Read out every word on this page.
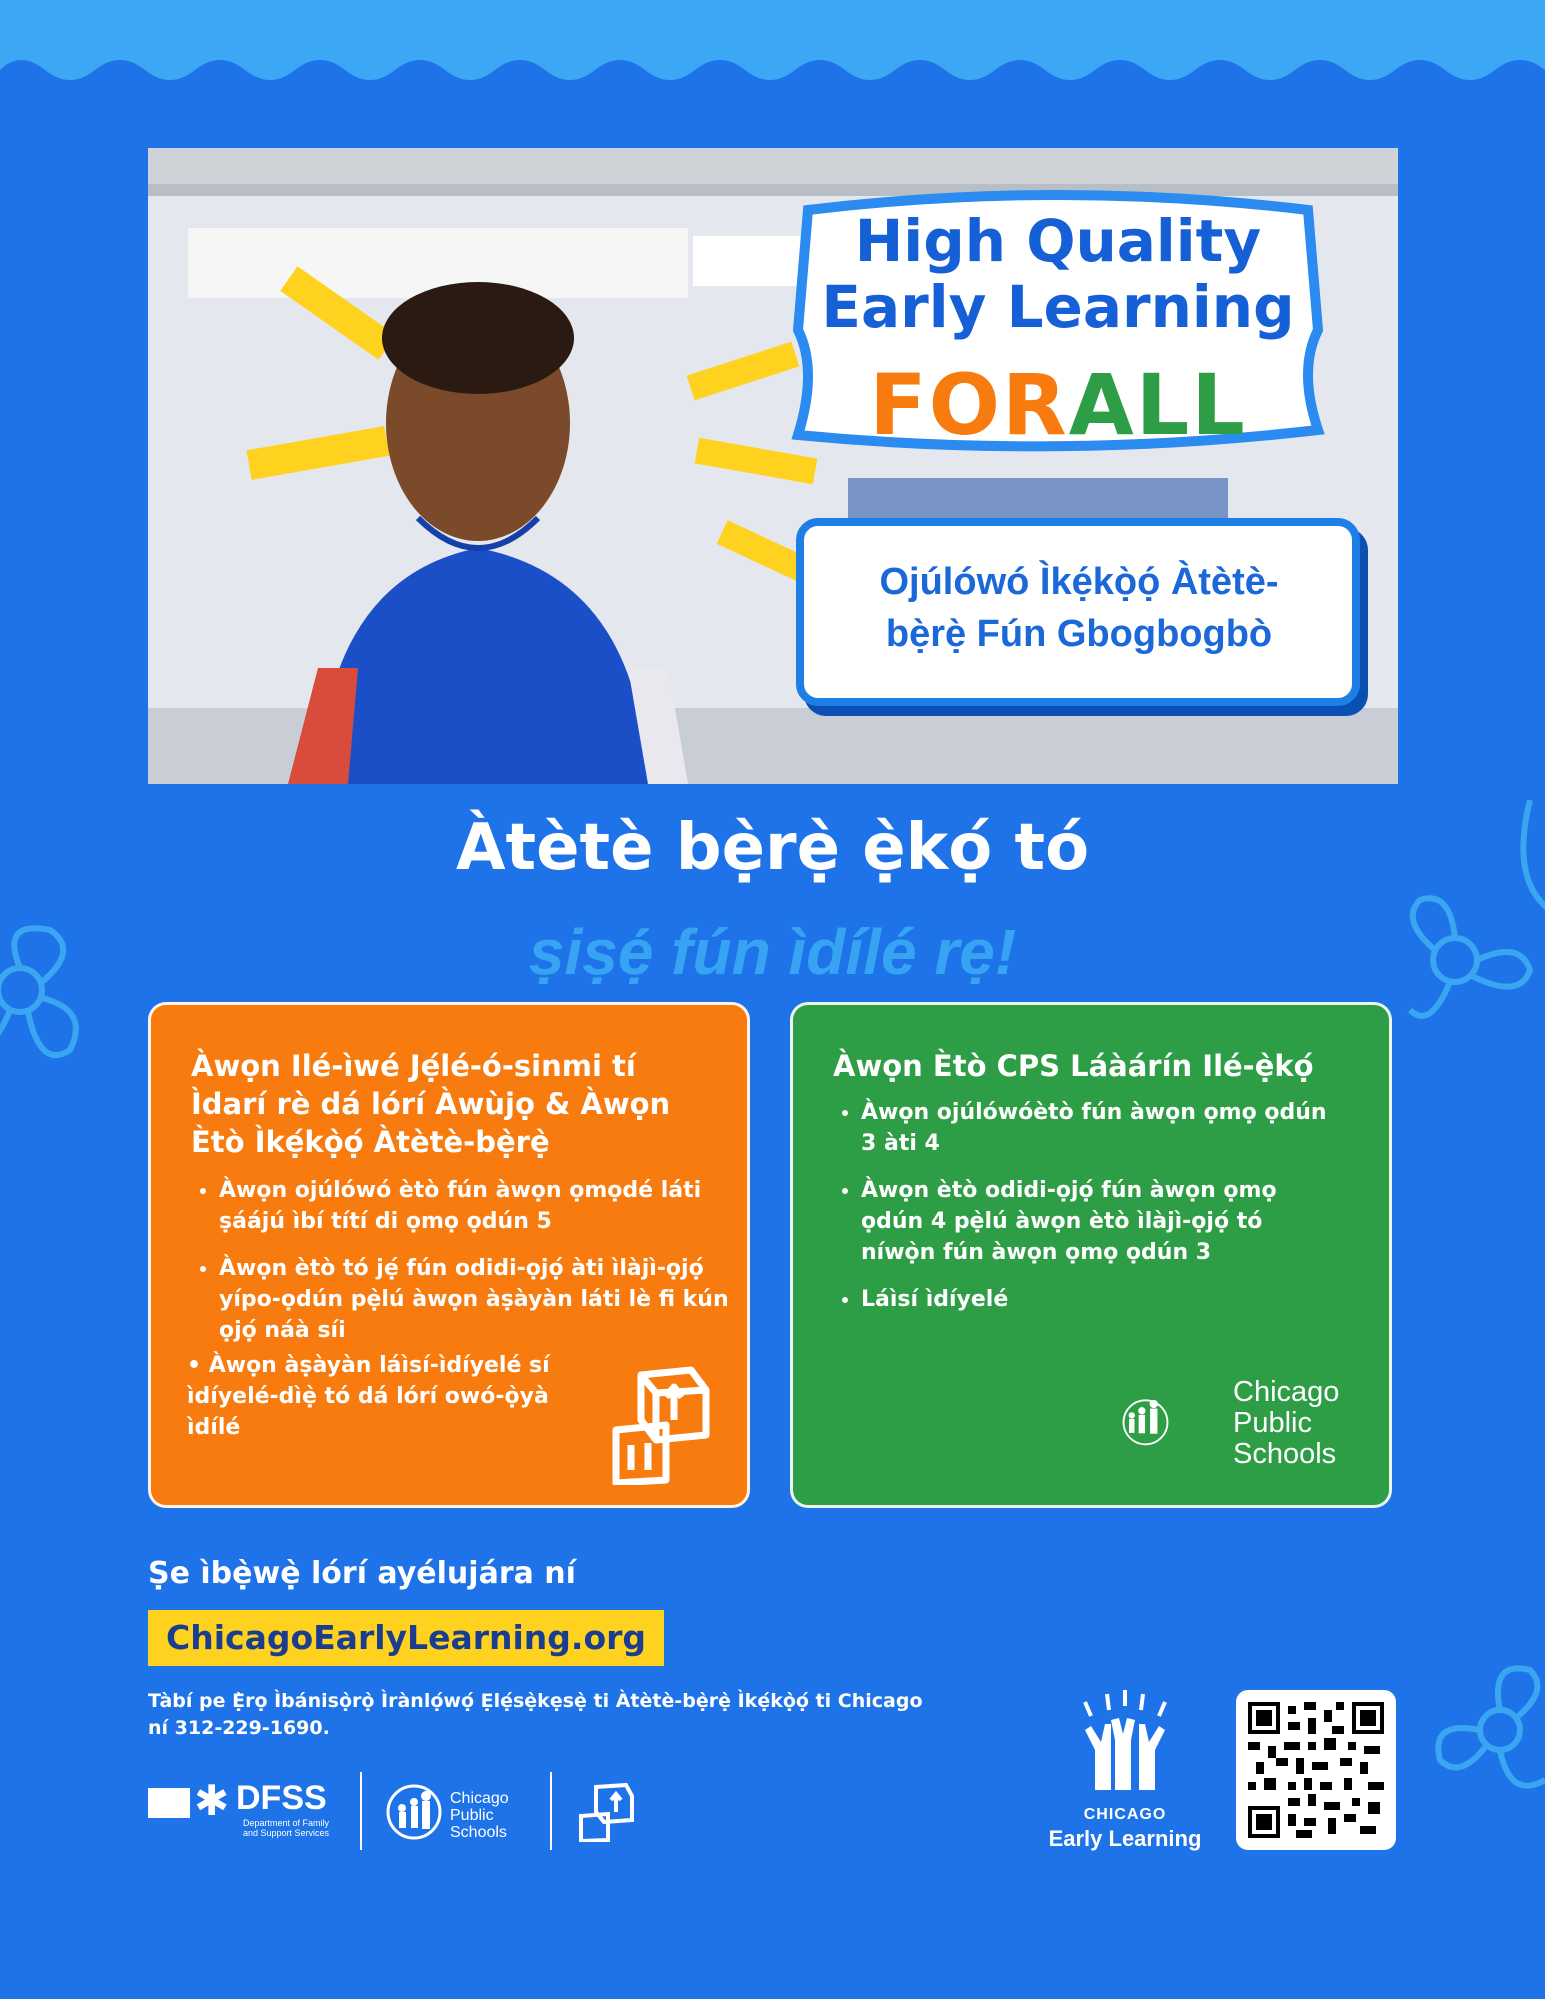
High Quality
Early Learning
FORALL
Ojúlówó Ìkẹ́kọ̀ọ́ Àtètè-
bẹ̀rẹ̀ Fún Gbogbogbò
Àtètè bẹ̀rẹ̀ ẹ̀kọ́ tó
ṣiṣẹ́ fún ìdílé rẹ!
Àwọn Ilé-ìwé Jẹ́lé-ó-sinmi tí Ìdarí rè dá lórí Àwùjọ & Àwọn Ètò Ìkẹ́kọ̀ọ́ Àtètè-bẹ̀rẹ̀
• Àwọn ojúlówó ètò fún àwọn ọmọdé láti ṣáájú ìbí títí di ọmọ ọdún 5
• Àwọn ètò tó jẹ́ fún odidi-ọjọ́ àti ìlàjì-ọjọ́ yípo-ọdún pẹ̀lú àwọn àṣàyàn láti lè fi kún ọjọ́ náà síi
• Àwọn àṣàyàn láìsí-ìdíyelé sí ìdíyelé-dìẹ̀ tó dá lórí owó-ọ̀yà ìdílé
Àwọn Ètò CPS Láàárín Ilé-ẹ̀kọ́
• Àwọn ojúlówóètò fún àwọn ọmọ ọdún 3 àti 4
• Àwọn ètò odidi-ọjọ́ fún àwọn ọmọ ọdún 4 pẹ̀lú àwọn ètò ìlàjì-ọjọ́ tó níwọ̀n fún àwọn ọmọ ọdún 3
• Láìsí ìdíyelé
Chicago
Public
Schools
Ṣe ìbẹ̀wẹ̀ lórí ayélujára ní
ChicagoEarlyLearning.org
Tàbí pe Ẹ̀rọ Ìbánisọ̀rọ̀ Ìrànlọ́wọ́ Ẹlẹ́sẹ̀kẹsẹ̀ ti Àtètè-bẹ̀rẹ̀ Ìkẹ́kọ̀ọ́ ti Chicago ní 312-229-1690.
✱ DFSS
Department of Family
and Support Services
Chicago
Public
Schools
CHICAGO
Early Learning
